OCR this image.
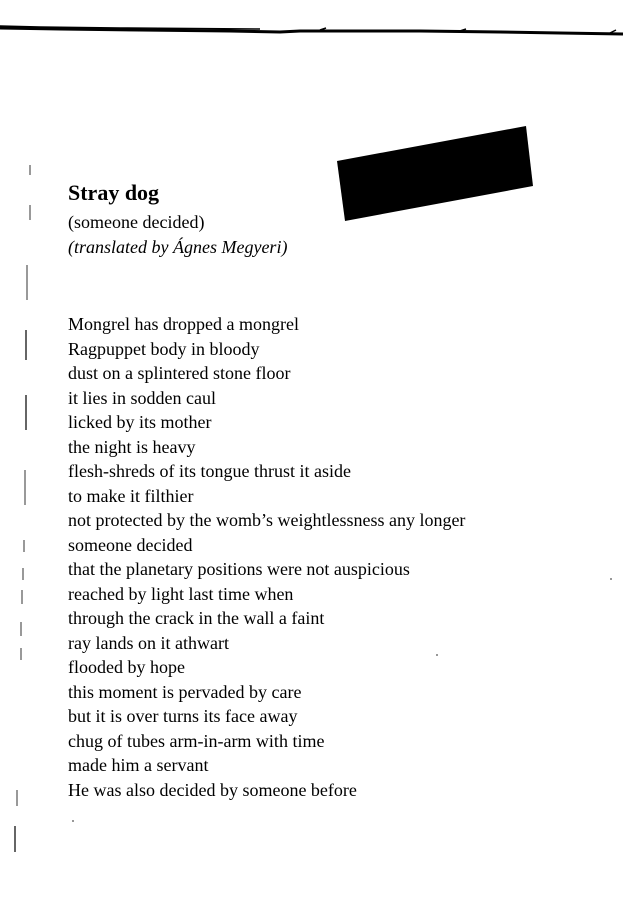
Stray dog
(someone decided)
(translated by Ágnes Megyeri)
Mongrel has dropped a mongrel
Ragpuppet body in bloody
dust on a splintered stone floor
it lies in sodden caul
licked by its mother
the night is heavy
flesh-shreds of its tongue thrust it aside
to make it filthier
not protected by the womb’s weightlessness any longer
someone decided
that the planetary positions were not auspicious
reached by light last time when
through the crack in the wall a faint
ray lands on it athwart
flooded by hope
this moment is pervaded by care
but it is over turns its face away
chug of tubes arm-in-arm with time
made him a servant
He was also decided by someone before
